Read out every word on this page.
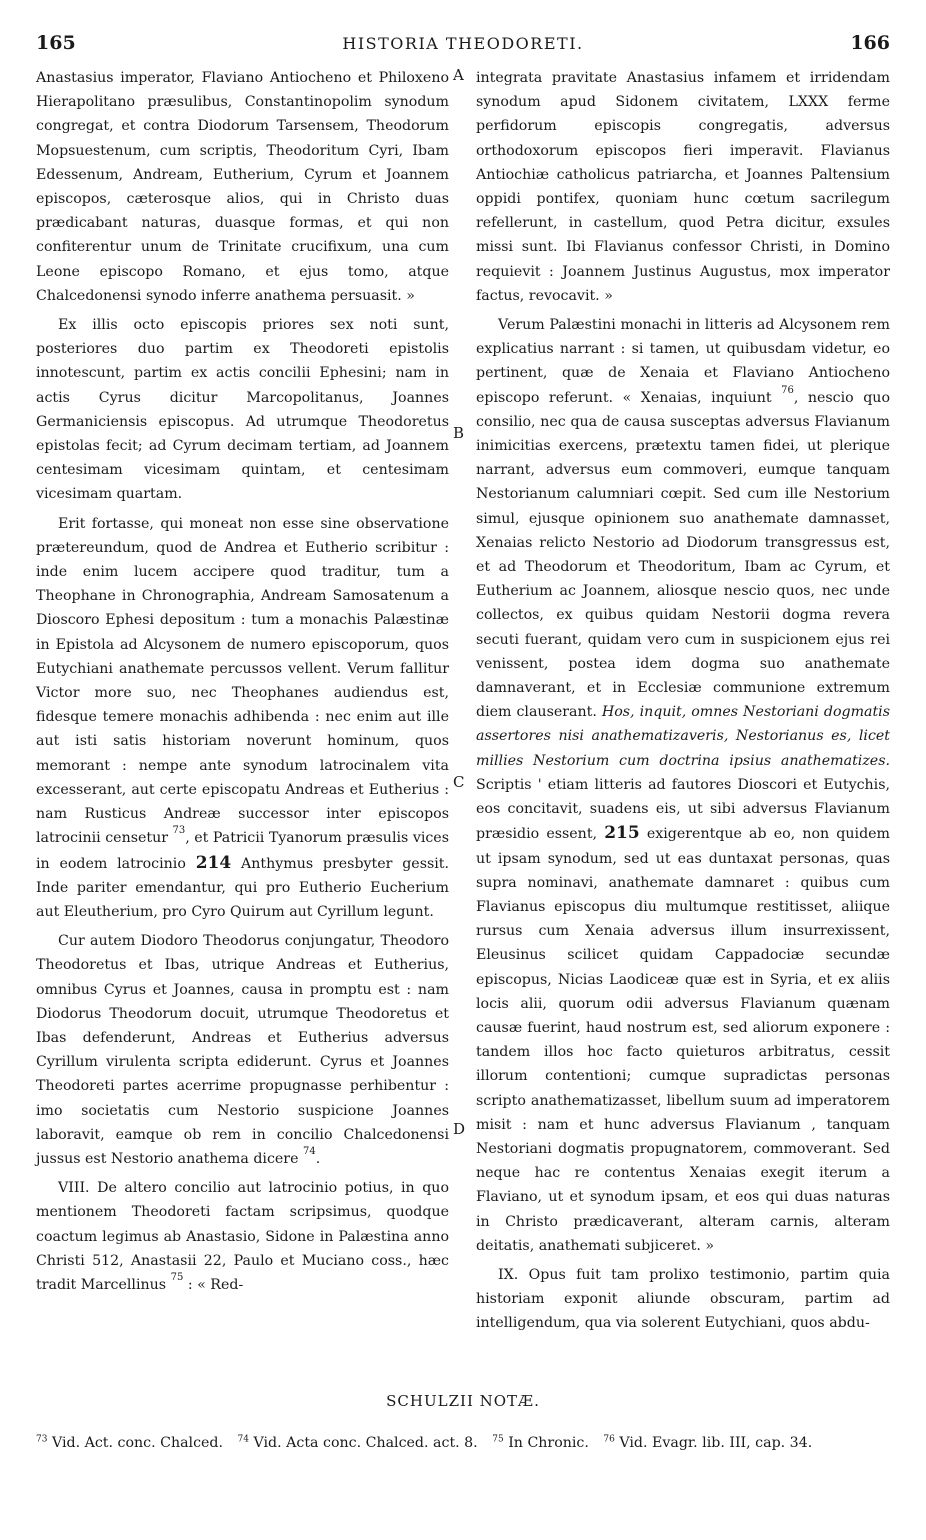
165	HISTORIA THEODORETI.	166

Anastasius imperator, Flaviano Antiocheno et Philoxeno Hierapolitano præsulibus, Constantinopolim synodum congregat, et contra Diodorum Tarsensem, Theodorum Mopsuestenum, cum scriptis, Theodoritum Cyri, Ibam Edessenum, Andream, Eutherium, Cyrum et Joannem episcopos, cæterosque alios, qui in Christo duas prædicabant naturas, duasque formas, et qui non confiterentur unum de Trinitate crucifixum, una cum Leone episcopo Romano, et ejus tomo, atque Chalcedonensi synodo inferre anathema persuasit. »

Ex illis octo episcopis priores sex noti sunt, posteriores duo partim ex Theodoreti epistolis innotescunt, partim ex actis concilii Ephesini; nam in actis Cyrus dicitur Marcopolitanus, Joannes Germaniciensis episcopus. Ad utrumque Theodoretus epistolas fecit; ad Cyrum decimam tertiam, ad Joannem centesimam vicesimam quintam, et centesimam vicesimam quartam.

Erit fortasse, qui moneat non esse sine observatione prætereundum, quod de Andrea et Eutherio scribitur : inde enim lucem accipere quod traditur, tum a Theophane in Chronographia, Andream Samosatenum a Dioscoro Ephesi depositum : tum a monachis Palæstinæ in Epistola ad Alcysonem de numero episcoporum, quos Eutychiani anathemate percussos vellent. Verum fallitur Victor more suo, nec Theophanes audiendus est, fidesque temere monachis adhibenda : nec enim aut ille aut isti satis historiam noverunt hominum, quos memorant : nempe ante synodum latrocinalem vita excesserant, aut certe episcopatu Andreas et Eutherius : nam Rusticus Andreæ successor inter episcopos latrocinii censetur $^{73}$, et Patricii Tyanorum præsulis vices in eodem latrocinio 214 Anthymus presbyter gessit. Inde pariter emendantur, qui pro Eutherio Eucherium aut Eleutherium, pro Cyro Quirum aut Cyrillum legunt.

Cur autem Diodoro Theodorus conjungatur, Theodoro Theodoretus et Ibas, utrique Andreas et Eutherius, omnibus Cyrus et Joannes, causa in promptu est : nam Diodorus Theodorum docuit, utrumque Theodoretus et Ibas defenderunt, Andreas et Eutherius adversus Cyrillum virulenta scripta ediderunt. Cyrus et Joannes Theodoreti partes acerrime propugnasse perhibentur : imo societatis cum Nestorio suspicione Joannes laboravit, eamque ob rem in concilio Chalcedonensi jussus est Nestorio anathema dicere $^{74}$.

VIII. De altero concilio aut latrocinio potius, in quo mentionem Theodoreti factam scripsimus, quodque coactum legimus ab Anastasio, Sidone in Palæstina anno Christi 512, Anastasii 22, Paulo et Muciano coss., hæc tradit Marcellinus $^{75}$ : « Red-

A
B
C
D

integrata pravitate Anastasius infamem et irridendam synodum apud Sidonem civitatem, LXXX ferme perfidorum episcopis congregatis, adversus orthodoxorum episcopos fieri imperavit. Flavianus Antiochiæ catholicus patriarcha, et Joannes Paltensium oppidi pontifex, quoniam hunc cœtum sacrilegum refellerunt, in castellum, quod Petra dicitur, exsules missi sunt. Ibi Flavianus confessor Christi, in Domino requievit : Joannem Justinus Augustus, mox imperator factus, revocavit. »

Verum Palæstini monachi in litteris ad Alcysonem rem explicatius narrant : si tamen, ut quibusdam videtur, eo pertinent, quæ de Xenaia et Flaviano Antiocheno episcopo referunt. « Xenaias, inquiunt $^{76}$, nescio quo consilio, nec qua de causa susceptas adversus Flavianum inimicitias exercens, prætextu tamen fidei, ut plerique narrant, adversus eum commoveri, eumque tanquam Nestorianum calumniari cœpit. Sed cum ille Nestorium simul, ejusque opinionem suo anathemate damnasset, Xenaias relicto Nestorio ad Diodorum transgressus est, et ad Theodorum et Theodoritum, Ibam ac Cyrum, et Eutherium ac Joannem, aliosque nescio quos, nec unde collectos, ex quibus quidam Nestorii dogma revera secuti fuerant, quidam vero cum in suspicionem ejus rei venissent, postea idem dogma suo anathemate damnaverant, et in Ecclesiæ communione extremum diem clauserant. Hos, inquit, omnes Nestoriani dogmatis assertores nisi anathematizaveris, Nestorianus es, licet millies Nestorium cum doctrina ipsius anathematizes. Scriptis ' etiam litteris ad fautores Dioscori et Eutychis, eos concitavit, suadens eis, ut sibi adversus Flavianum præsidio essent, 215 exigerentque ab eo, non quidem ut ipsam synodum, sed ut eas duntaxat personas, quas supra nominavi, anathemate damnaret : quibus cum Flavianus episcopus diu multumque restitisset, aliique rursus cum Xenaia adversus illum insurrexissent, Eleusinus scilicet quidam Cappadociæ secundæ episcopus, Nicias Laodiceæ quæ est in Syria, et ex aliis locis alii, quorum odii adversus Flavianum quænam causæ fuerint, haud nostrum est, sed aliorum exponere : tandem illos hoc facto quieturos arbitratus, cessit illorum contentioni; cumque supradictas personas scripto anathematizasset, libellum suum ad imperatorem misit : nam et hunc adversus Flavianum , tanquam Nestoriani dogmatis propugnatorem, commoverant. Sed neque hac re contentus Xenaias exegit iterum a Flaviano, ut et synodum ipsam, et eos qui duas naturas in Christo prædicaverant, alteram carnis, alteram deitatis, anathemati subjiceret. »

IX. Opus fuit tam prolixo testimonio, partim quia historiam exponit aliunde obscuram, partim ad intelligendum, qua via solerent Eutychiani, quos abdu-

SCHULZII NOTÆ.
$^{73}$ Vid. Act. conc. Chalced. $^{74}$ Vid. Acta conc. Chalced. act. 8. $^{75}$ In Chronic. $^{76}$ Vid. Evagr. lib. III, cap. 34.
